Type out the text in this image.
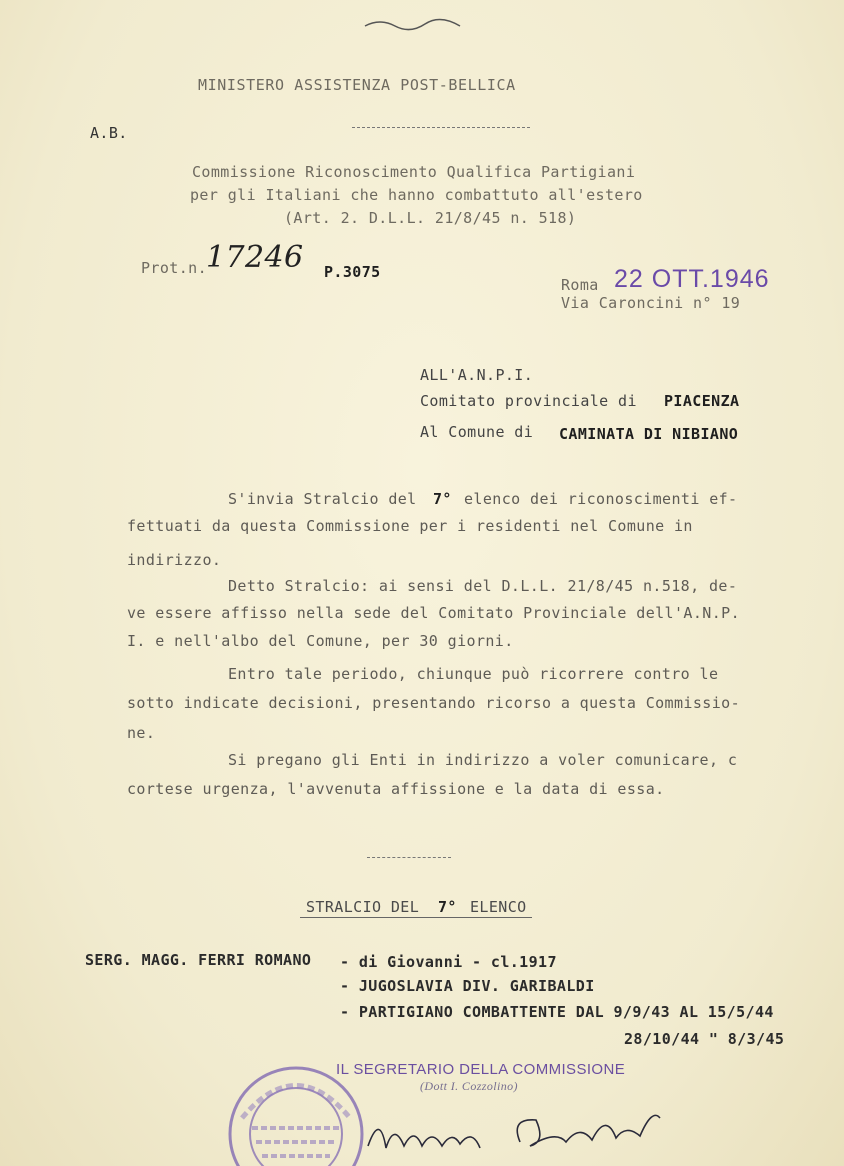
MINISTERO ASSISTENZA POST-BELLICA
A.B.
Commissione Riconoscimento Qualifica Partigiani
per gli Italiani che hanno combattuto all'estero
(Art. 2. D.L.L. 21/8/45 n. 518)
Prot.n.
17246 P.3075
Roma 22 OTT.1946
Via Caroncini n° 19
ALL'A.N.P.I.
Comitato provinciale di PIACENZA
Al Comune di CAMINATA DI NIBIANO
S'invia Stralcio del 7° elenco dei riconoscimenti ef-
fettuati da questa Commissione per i residenti nel Comune in
indirizzo.
Detto Stralcio: ai sensi del D.L.L. 21/8/45 n.518, de-
ve essere affisso nella sede del Comitato Provinciale dell'A.N.P.
I. e nell'albo del Comune, per 30 giorni.
Entro tale periodo, chiunque può ricorrere contro le
sotto indicate decisioni, presentando ricorso a questa Commissio-
ne.
Si pregano gli Enti in indirizzo a voler comunicare, c
cortese urgenza, l'avvenuta affissione e la data di essa.
STRALCIO DEL 7° ELENCO
SERG. MAGG. FERRI ROMANO - di Giovanni - cl.1917
- JUGOSLAVIA DIV. GARIBALDI
- PARTIGIANO COMBATTENTE DAL 9/9/43 AL 15/5/44
28/10/44 " 8/3/45
IL SEGRETARIO DELLA COMMISSIONE
(Dott I. Cozzolino)
